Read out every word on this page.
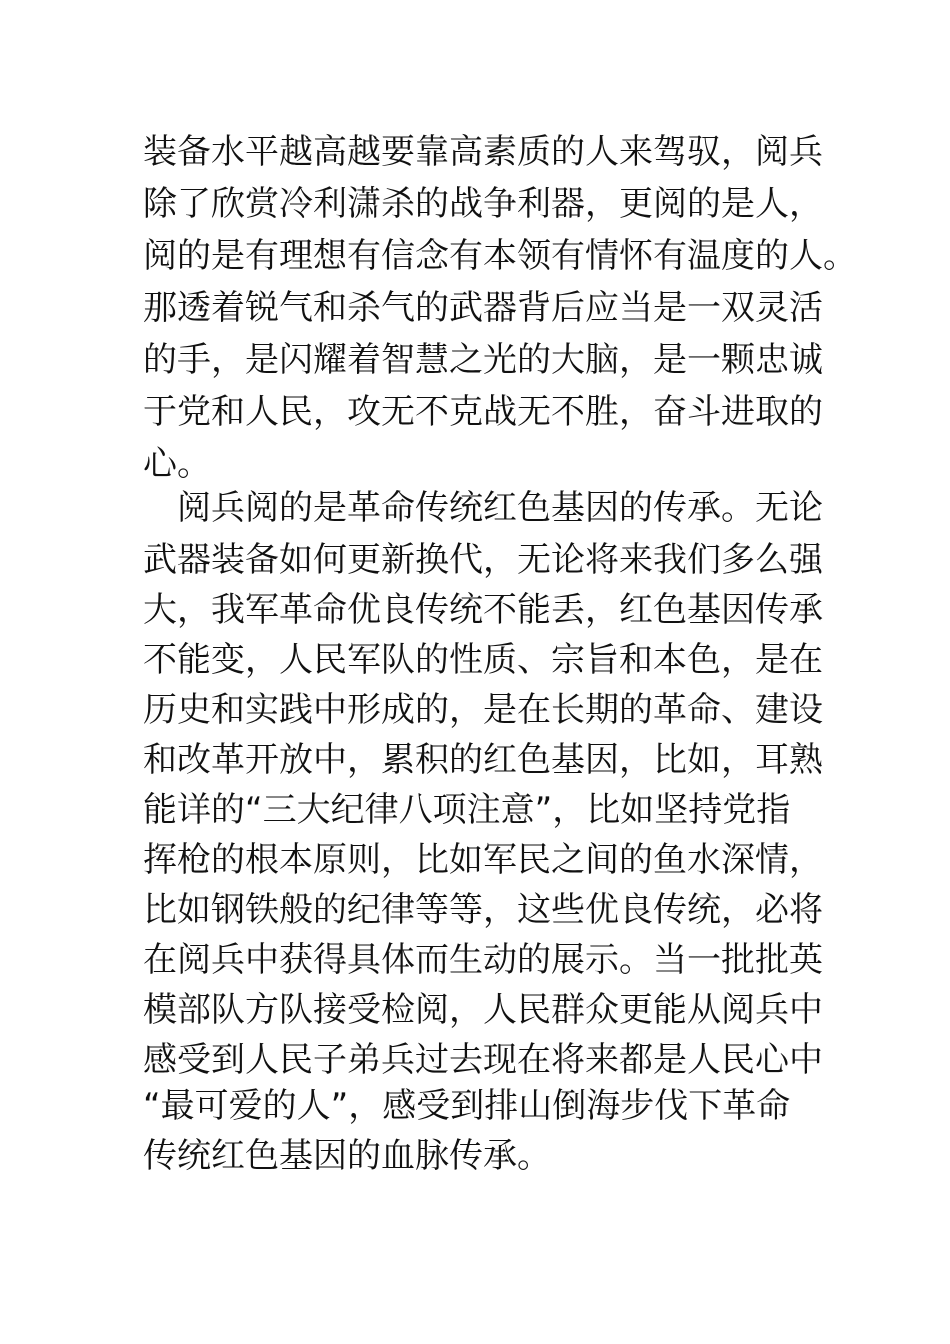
装备水平越高越要靠高素质的人来驾驭，阅兵

除了欣赏冷利潇杀的战争利器，更阅的是人，

阅的是有理想有信念有本领有情怀有温度的人。

那透着锐气和杀气的武器背后应当是一双灵活

的手，是闪耀着智慧之光的大脑，是一颗忠诚

于党和人民，攻无不克战无不胜，奋斗进取的

心。

阅兵阅的是革命传统红色基因的传承。无论

武器装备如何更新换代，无论将来我们多么强

大，我军革命优良传统不能丢，红色基因传承

不能变，人民军队的性质、宗旨和本色，是在

历史和实践中形成的，是在长期的革命、建设

和改革开放中，累积的红色基因，比如，耳熟

能详的“三大纪律八项注意”，比如坚持党指

挥枪的根本原则，比如军民之间的鱼水深情，

比如钢铁般的纪律等等，这些优良传统，必将

在阅兵中获得具体而生动的展示。当一批批英

模部队方队接受检阅，人民群众更能从阅兵中

感受到人民子弟兵过去现在将来都是人民心中

“最可爱的人”，感受到排山倒海步伐下革命

传统红色基因的血脉传承。
